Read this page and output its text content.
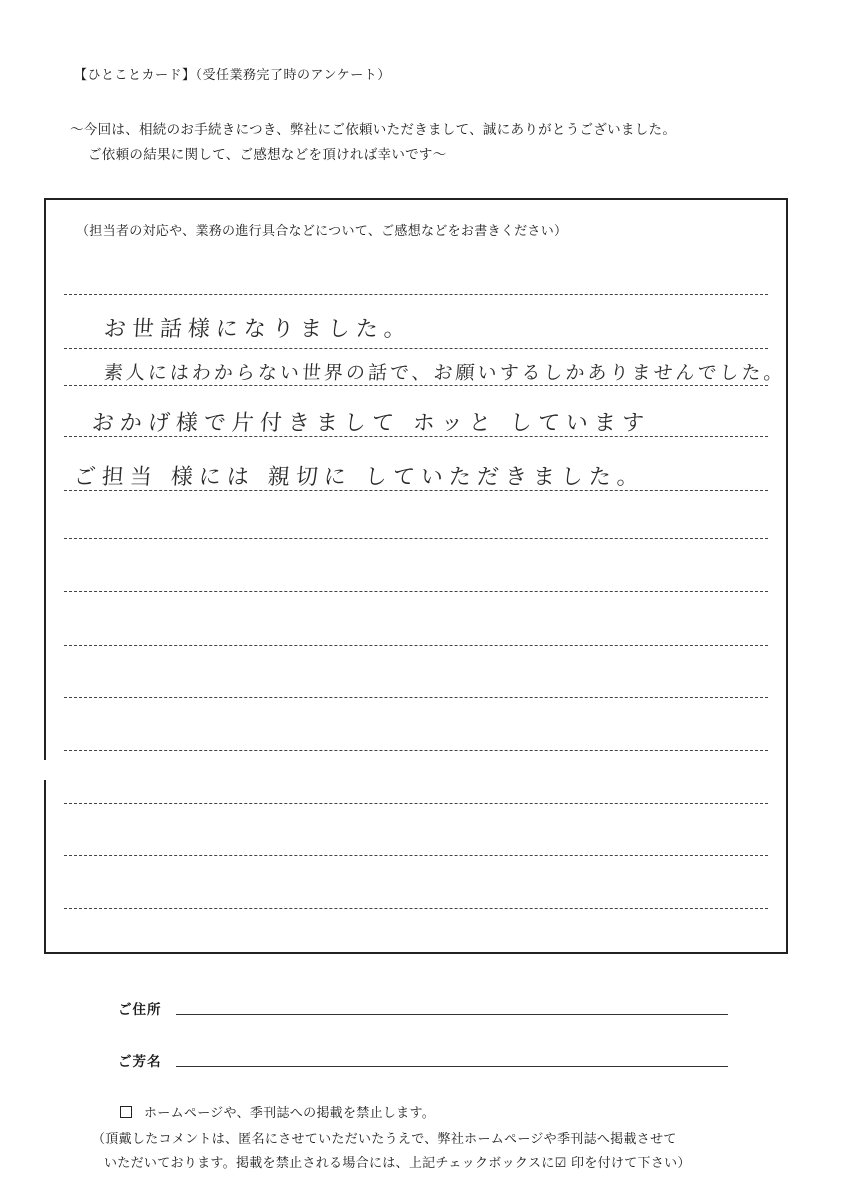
【ひとことカード】（受任業務完了時のアンケート）
～今回は、相続のお手続きにつき、弊社にご依頼いただきまして、誠にありがとうございました。
ご依頼の結果に関して、ご感想などを頂ければ幸いです～
（担当者の対応や、業務の進行具合などについて、ご感想などをお書きください）
お世話様になりました。
素人にはわからない世界の話で、お願いするしかありませんでした。
おかげ様で片付きまして ホッと しています
ご担当 様には 親切に していただきました。
ご住所
ご芳名
ホームページや、季刊誌への掲載を禁止します。
（頂戴したコメントは、匿名にさせていただいたうえで、弊社ホームページや季刊誌へ掲載させて
いただいております。掲載を禁止される場合には、上記チェックボックスに☑ 印を付けて下さい）
